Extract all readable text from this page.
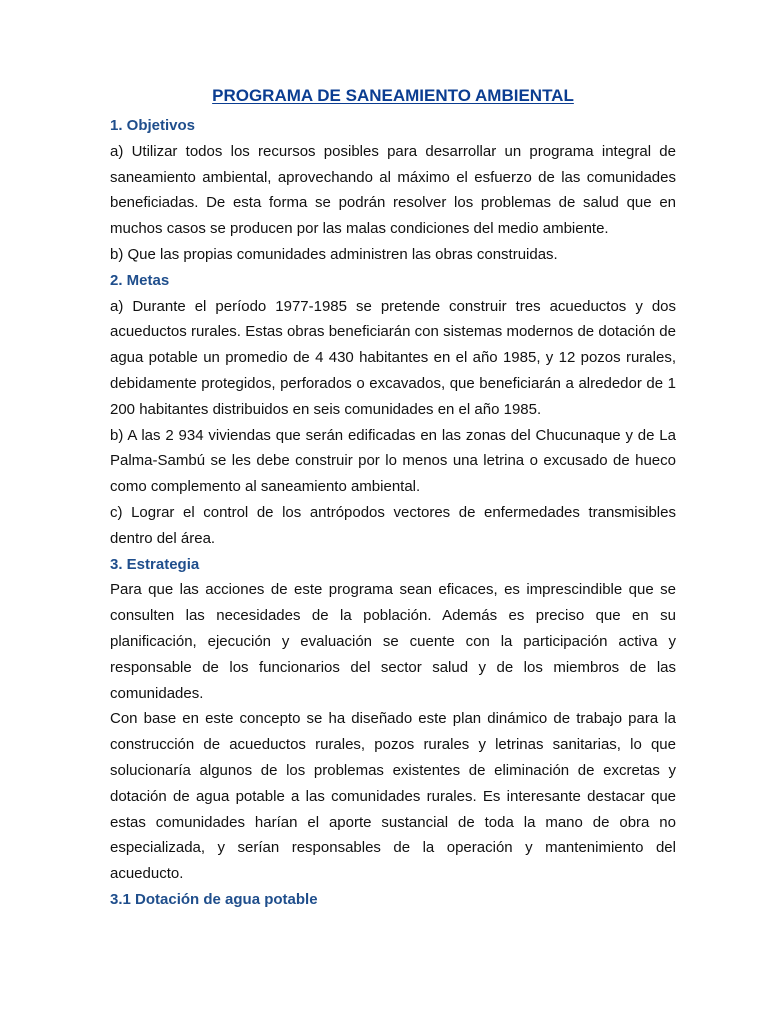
PROGRAMA DE SANEAMIENTO AMBIENTAL
1. Objetivos

a) Utilizar todos los recursos posibles para desarrollar un programa integral de saneamiento ambiental, aprovechando al máximo el esfuerzo de las comunidades beneficiadas. De esta forma se podrán resolver los problemas de salud que en muchos casos se producen por las malas condiciones del medio ambiente.

b) Que las propias comunidades administren las obras construidas.

2. Metas

a) Durante el período 1977-1985 se pretende construir tres acueductos y dos acueductos rurales. Estas obras beneficiarán con sistemas modernos de dotación de agua potable un promedio de 4 430 habitantes en el año 1985, y 12 pozos rurales, debidamente protegidos, perforados o excavados, que beneficiarán a alrededor de 1 200 habitantes distribuidos en seis comunidades en el año 1985.

b) A las 2 934 viviendas que serán edificadas en las zonas del Chucunaque y de La Palma-Sambú se les debe construir por lo menos una letrina o excusado de hueco como complemento al saneamiento ambiental.

c) Lograr el control de los antrópodos vectores de enfermedades transmisibles dentro del área.

3. Estrategia

Para que las acciones de este programa sean eficaces, es imprescindible que se consulten las necesidades de la población. Además es preciso que en su planificación, ejecución y evaluación se cuente con la participación activa y responsable de los funcionarios del sector salud y de los miembros de las comunidades.

Con base en este concepto se ha diseñado este plan dinámico de trabajo para la construcción de acueductos rurales, pozos rurales y letrinas sanitarias, lo que solucionaría algunos de los problemas existentes de eliminación de excretas y dotación de agua potable a las comunidades rurales. Es interesante destacar que estas comunidades harían el aporte sustancial de toda la mano de obra no especializada, y serían responsables de la operación y mantenimiento del acueducto.

3.1 Dotación de agua potable
